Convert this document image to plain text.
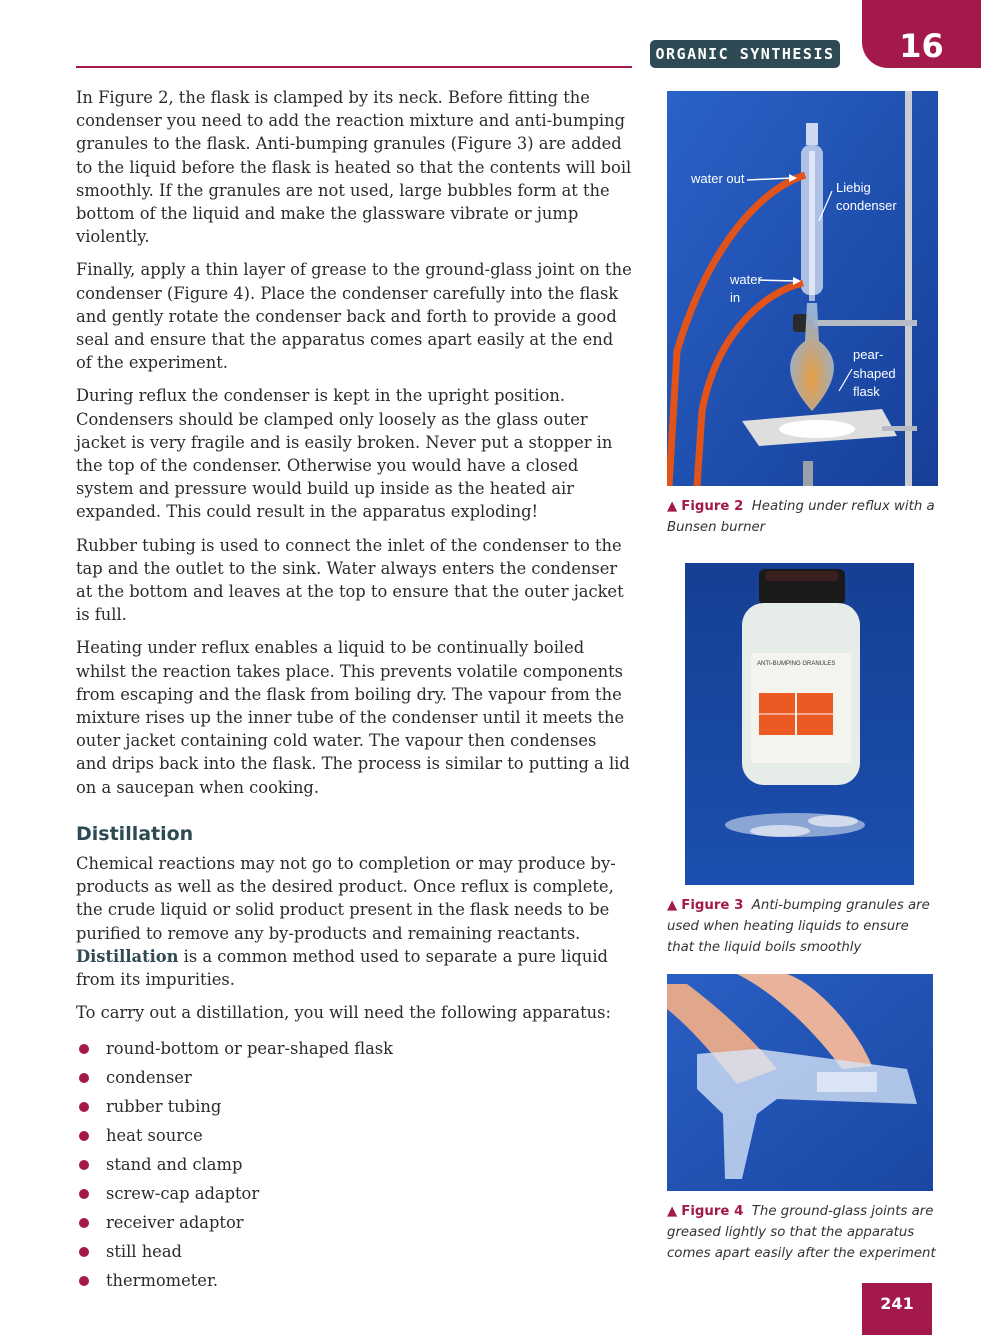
ORGANIC SYNTHESIS	16

In Figure 2, the flask is clamped by its neck. Before fitting the condenser you need to add the reaction mixture and anti-bumping granules to the flask. Anti-bumping granules (Figure 3) are added to the liquid before the flask is heated so that the contents will boil smoothly. If the granules are not used, large bubbles form at the bottom of the liquid and make the glassware vibrate or jump violently.

Finally, apply a thin layer of grease to the ground-glass joint on the condenser (Figure 4). Place the condenser carefully into the flask and gently rotate the condenser back and forth to provide a good seal and ensure that the apparatus comes apart easily at the end of the experiment.

During reflux the condenser is kept in the upright position. Condensers should be clamped only loosely as the glass outer jacket is very fragile and is easily broken. Never put a stopper in the top of the condenser. Otherwise you would have a closed system and pressure would build up inside as the heated air expanded. This could result in the apparatus exploding!

Rubber tubing is used to connect the inlet of the condenser to the tap and the outlet to the sink. Water always enters the condenser at the bottom and leaves at the top to ensure that the outer jacket is full.

Heating under reflux enables a liquid to be continually boiled whilst the reaction takes place. This prevents volatile components from escaping and the flask from boiling dry. The vapour from the mixture rises up the inner tube of the condenser until it meets the outer jacket containing cold water. The vapour then condenses and drips back into the flask. The process is similar to putting a lid on a saucepan when cooking.

Distillation

Chemical reactions may not go to completion or may produce by-products as well as the desired product. Once reflux is complete, the crude liquid or solid product present in the flask needs to be purified to remove any by-products and remaining reactants. Distillation is a common method used to separate a pure liquid from its impurities.

To carry out a distillation, you will need the following apparatus:

round-bottom or pear-shaped flask
condenser
rubber tubing
heat source
stand and clamp
screw-cap adaptor
receiver adaptor
still head
thermometer.
water out
Liebig
condenser
water
in
pear-
shaped
flask
▲ Figure 2 Heating under reflux with a Bunsen burner
ANTI-BUMPING GRANULES
▲ Figure 3 Anti-bumping granules are used when heating liquids to ensure that the liquid boils smoothly
▲ Figure 4 The ground-glass joints are greased lightly so that the apparatus comes apart easily after the experiment
241
